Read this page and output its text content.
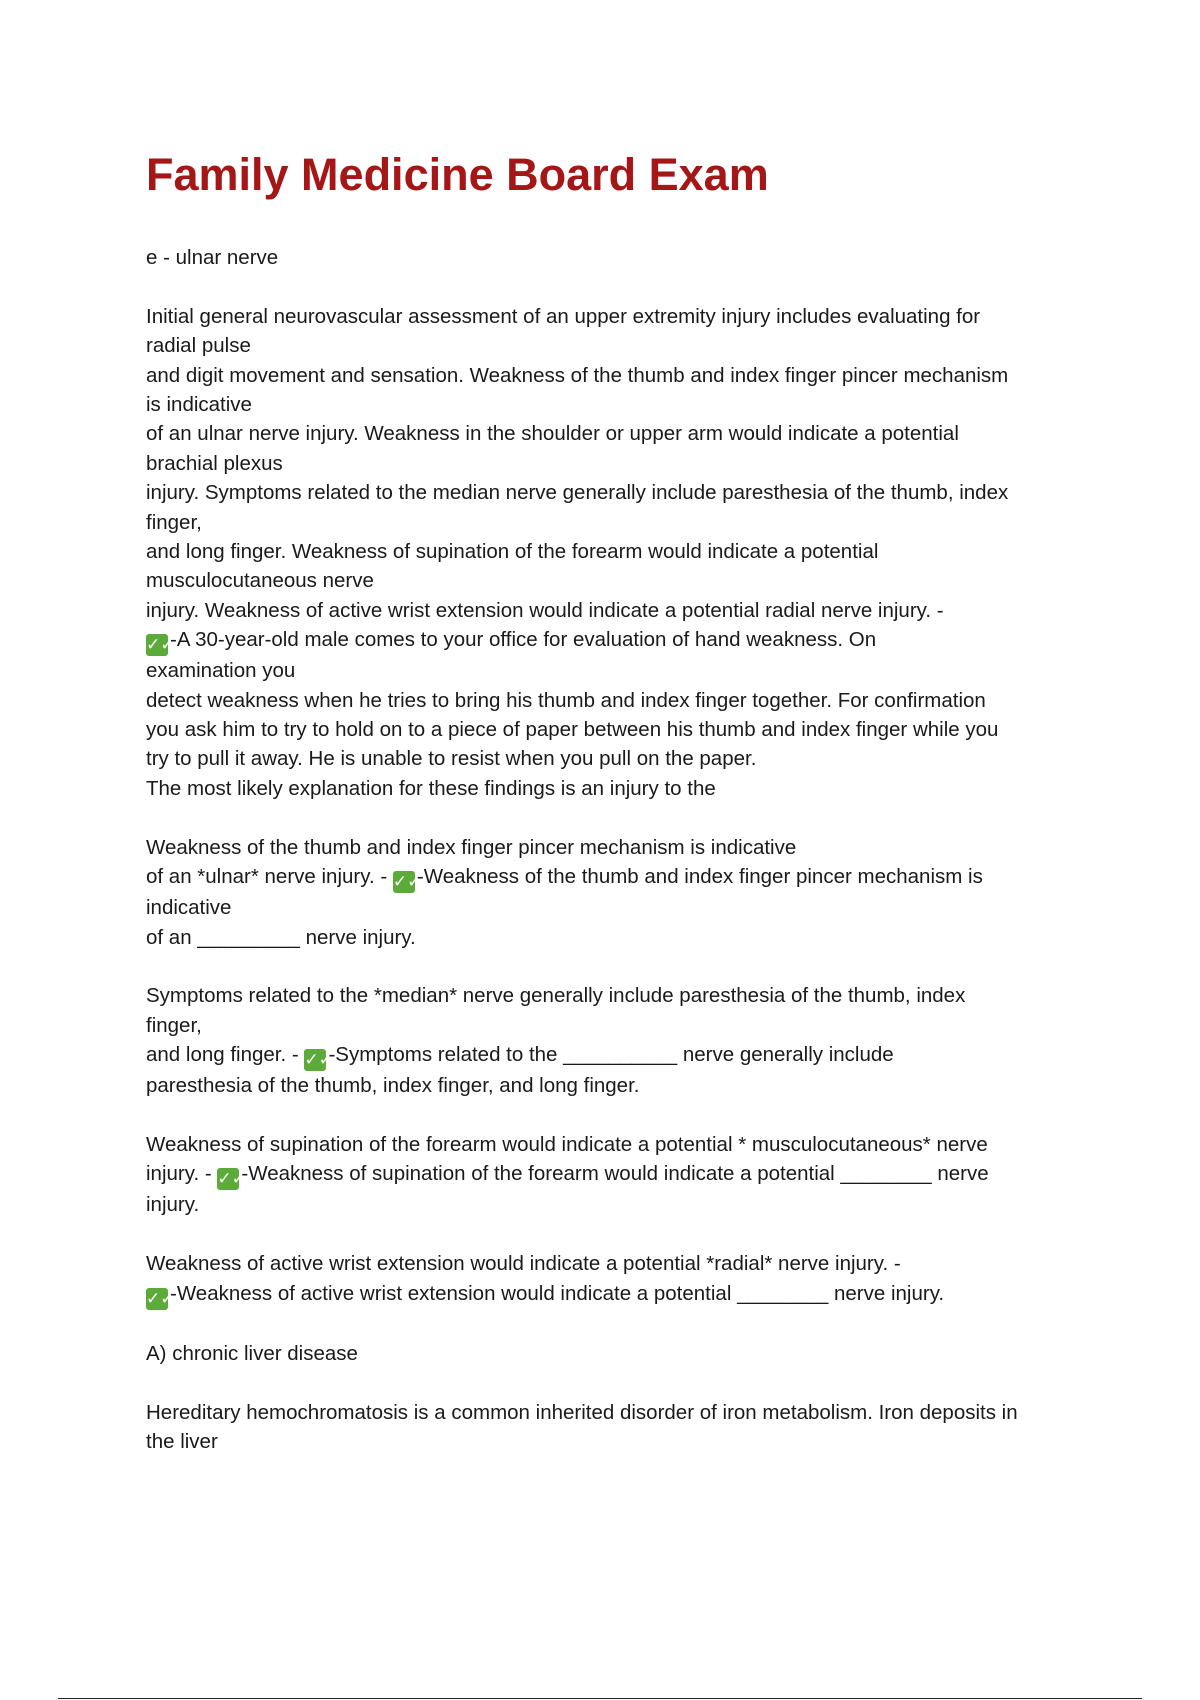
Family Medicine Board Exam

e - ulnar nerve

Initial general neurovascular assessment of an upper extremity injury includes evaluating for
radial pulse
and digit movement and sensation. Weakness of the thumb and index finger pincer mechanism
is indicative
of an ulnar nerve injury. Weakness in the shoulder or upper arm would indicate a potential
brachial plexus
injury. Symptoms related to the median nerve generally include paresthesia of the thumb, index
finger,
and long finger. Weakness of supination of the forearm would indicate a potential
musculocutaneous nerve
injury. Weakness of active wrist extension would indicate a potential radial nerve injury. -
✓✓-A 30-year-old male comes to your office for evaluation of hand weakness. On
examination you
detect weakness when he tries to bring his thumb and index finger together. For confirmation
you ask him to try to hold on to a piece of paper between his thumb and index finger while you
try to pull it away. He is unable to resist when you pull on the paper.
The most likely explanation for these findings is an injury to the

Weakness of the thumb and index finger pincer mechanism is indicative
of an *ulnar* nerve injury. - ✓✓-Weakness of the thumb and index finger pincer mechanism is
indicative
of an _________ nerve injury.

Symptoms related to the *median* nerve generally include paresthesia of the thumb, index
finger,
and long finger. - ✓✓-Symptoms related to the __________ nerve generally include
paresthesia of the thumb, index finger, and long finger.

Weakness of supination of the forearm would indicate a potential * musculocutaneous* nerve
injury. - ✓✓-Weakness of supination of the forearm would indicate a potential ________ nerve
injury.

Weakness of active wrist extension would indicate a potential *radial* nerve injury. -
✓✓-Weakness of active wrist extension would indicate a potential ________ nerve injury.

A) chronic liver disease

Hereditary hemochromatosis is a common inherited disorder of iron metabolism. Iron deposits in
the liver
